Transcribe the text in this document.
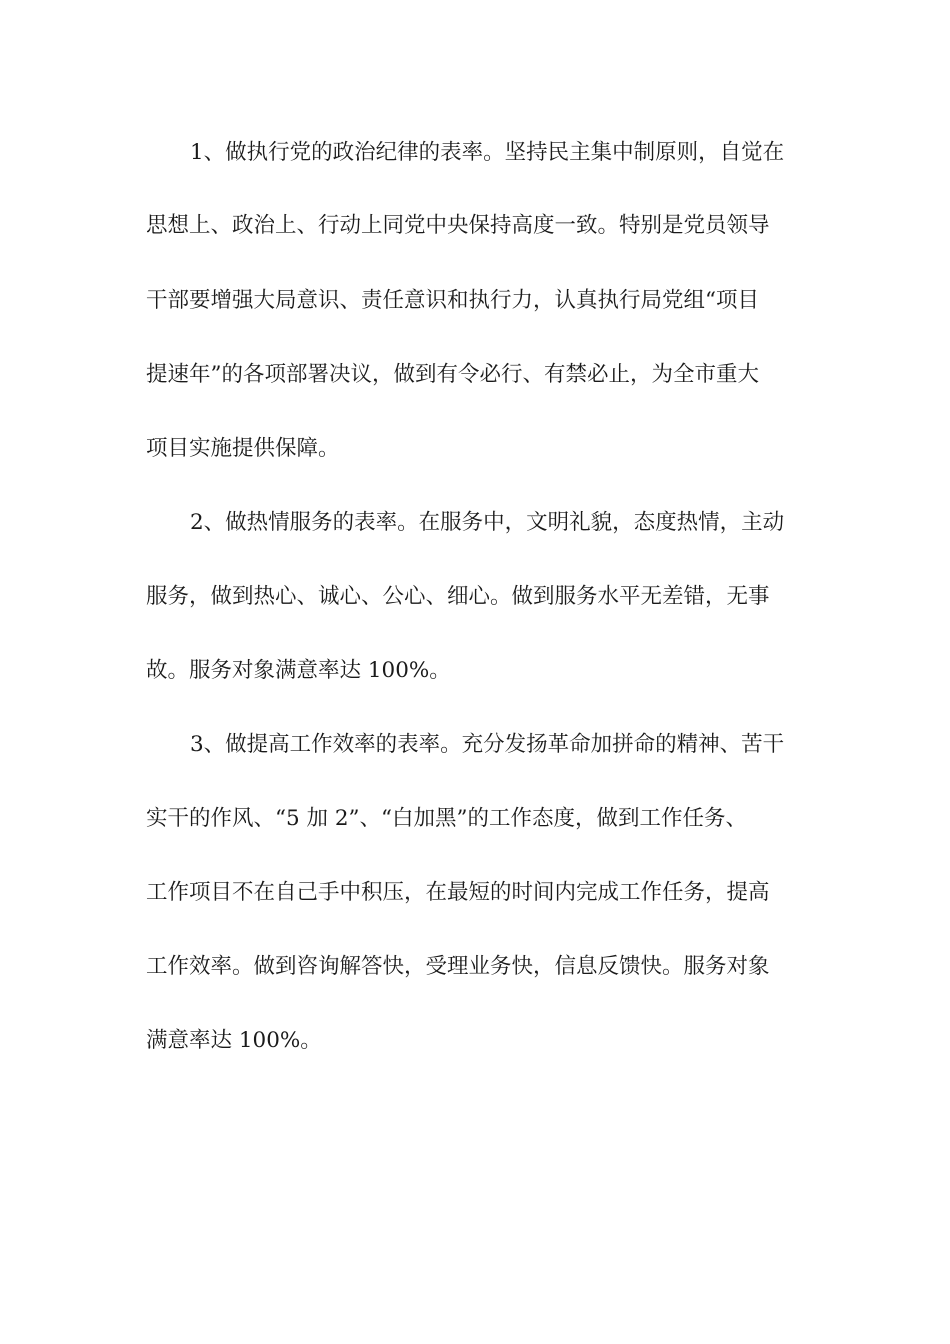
1、做执行党的政治纪律的表率。坚持民主集中制原则，自觉在
思想上、政治上、行动上同党中央保持高度一致。特别是党员领导
干部要增强大局意识、责任意识和执行力，认真执行局党组“项目
提速年”的各项部署决议，做到有令必行、有禁必止，为全市重大
项目实施提供保障。
2、做热情服务的表率。在服务中，文明礼貌，态度热情，主动
服务，做到热心、诚心、公心、细心。做到服务水平无差错，无事
故。服务对象满意率达 100%。
3、做提高工作效率的表率。充分发扬革命加拼命的精神、苦干
实干的作风、“5 加 2”、“白加黑”的工作态度，做到工作任务、
工作项目不在自己手中积压，在最短的时间内完成工作任务，提高
工作效率。做到咨询解答快，受理业务快，信息反馈快。服务对象
满意率达 100%。
